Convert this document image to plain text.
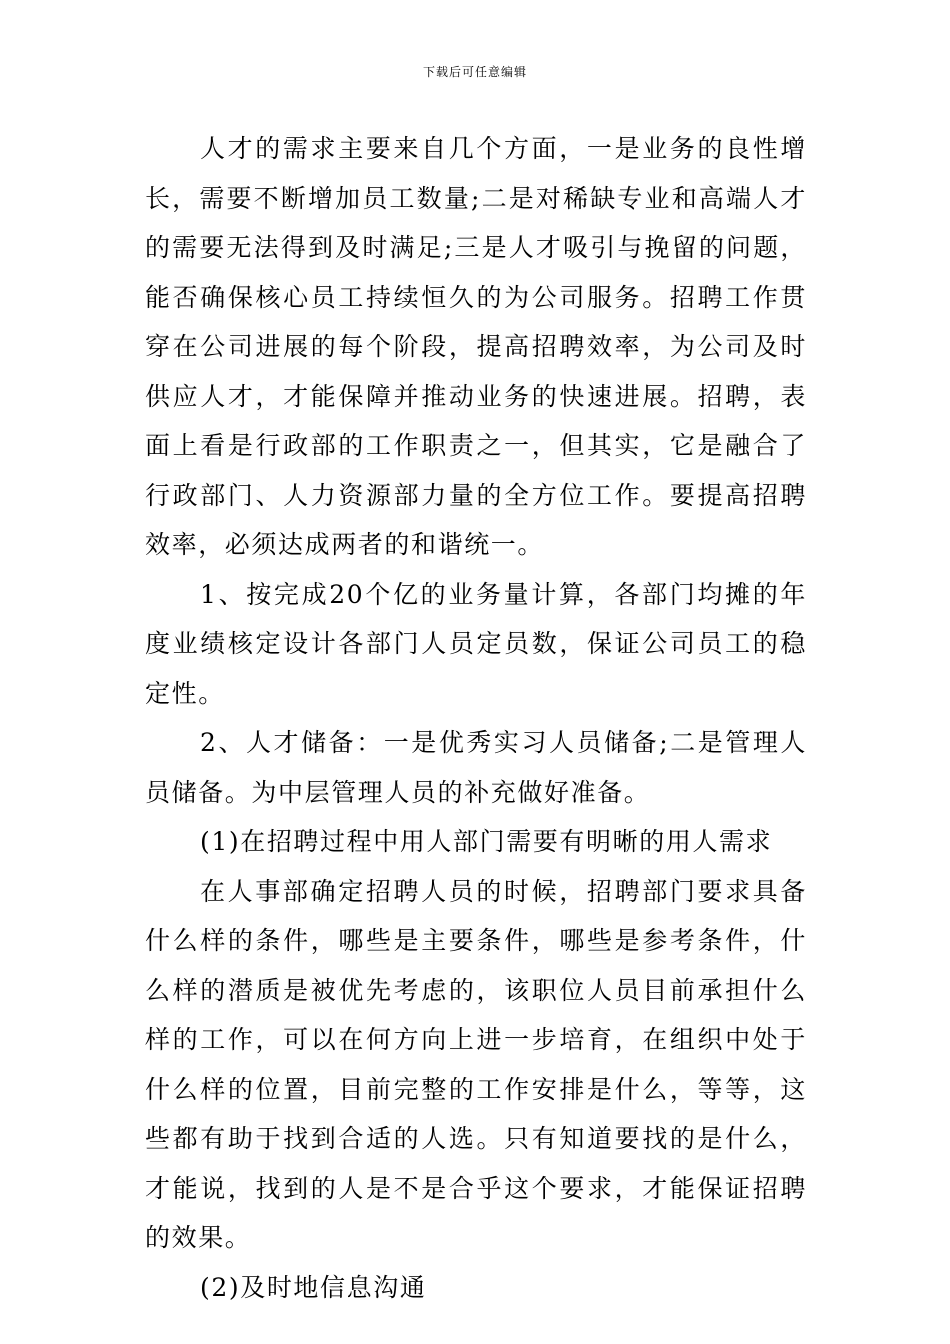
下载后可任意编辑

人才的需求主要来自几个方面，一是业务的良性增长，需要不断增加员工数量;二是对稀缺专业和高端人才的需要无法得到及时满足;三是人才吸引与挽留的问题，能否确保核心员工持续恒久的为公司服务。招聘工作贯穿在公司进展的每个阶段，提高招聘效率，为公司及时供应人才，才能保障并推动业务的快速进展。招聘，表面上看是行政部的工作职责之一，但其实，它是融合了行政部门、人力资源部力量的全方位工作。要提高招聘效率，必须达成两者的和谐统一。

1、按完成20个亿的业务量计算，各部门均摊的年度业绩核定设计各部门人员定员数，保证公司员工的稳定性。

2、人才储备：一是优秀实习人员储备;二是管理人员储备。为中层管理人员的补充做好准备。

(1)在招聘过程中用人部门需要有明晰的用人需求

在人事部确定招聘人员的时候，招聘部门要求具备什么样的条件，哪些是主要条件，哪些是参考条件，什么样的潜质是被优先考虑的，该职位人员目前承担什么样的工作，可以在何方向上进一步培育，在组织中处于什么样的位置，目前完整的工作安排是什么，等等，这些都有助于找到合适的人选。只有知道要找的是什么，才能说，找到的人是不是合乎这个要求，才能保证招聘的效果。

(2)及时地信息沟通
